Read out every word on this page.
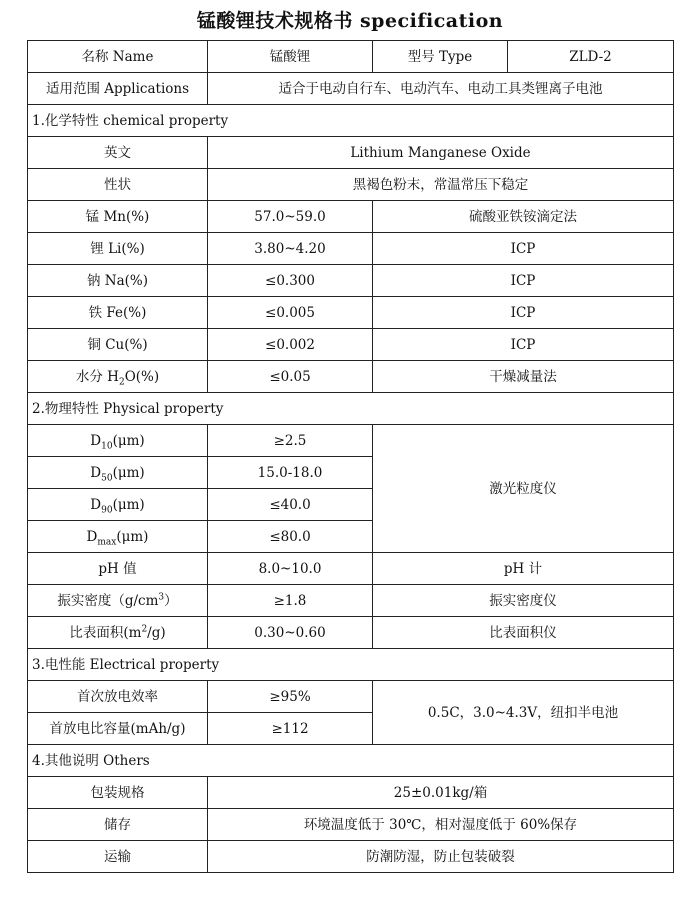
锰酸锂技术规格书 specification
名称 Name	锰酸锂	型号 Type	ZLD-2
适用范围 Applications	适合于电动自行车、电动汽车、电动工具类锂离子电池		
1.化学特性 chemical property			
英文	Lithium Manganese Oxide		
性状	黑褐色粉末，常温常压下稳定		
锰 Mn(%)	57.0~59.0	硫酸亚铁铵滴定法	
锂 Li(%)	3.80~4.20	ICP	
钠 Na(%)	≤0.300	ICP	
铁 Fe(%)	≤0.005	ICP	
铜 Cu(%)	≤0.002	ICP	
水分 $H_2O(\%)$	≤0.05	干燥减量法	
2.物理特性 Physical property			
$D_{10}(\mu m)$	≥2.5	激光粒度仪	
$D_{50}(\mu m)$	15.0-18.0		
$D_{90}(\mu m)$	≤40.0		
$D_{max}(\mu m)$	≤80.0		
pH 值	8.0~10.0	pH 计	
振实密度$(g/cm^3)$	≥1.8	振实密度仪	
比表面积$(m^2/g)$	0.30~0.60	比表面积仪	
3.电性能 Electrical property			
首次放电效率	≥95%	0.5C，3.0~4.3V，纽扣半电池	
首放电比容量(mAh/g)	≥112		
4.其他说明 Others			
包装规格	25±0.01kg/箱		
储存	环境温度低于 30℃，相对湿度低于 60%保存		
运输	防潮防湿，防止包装破裂		
